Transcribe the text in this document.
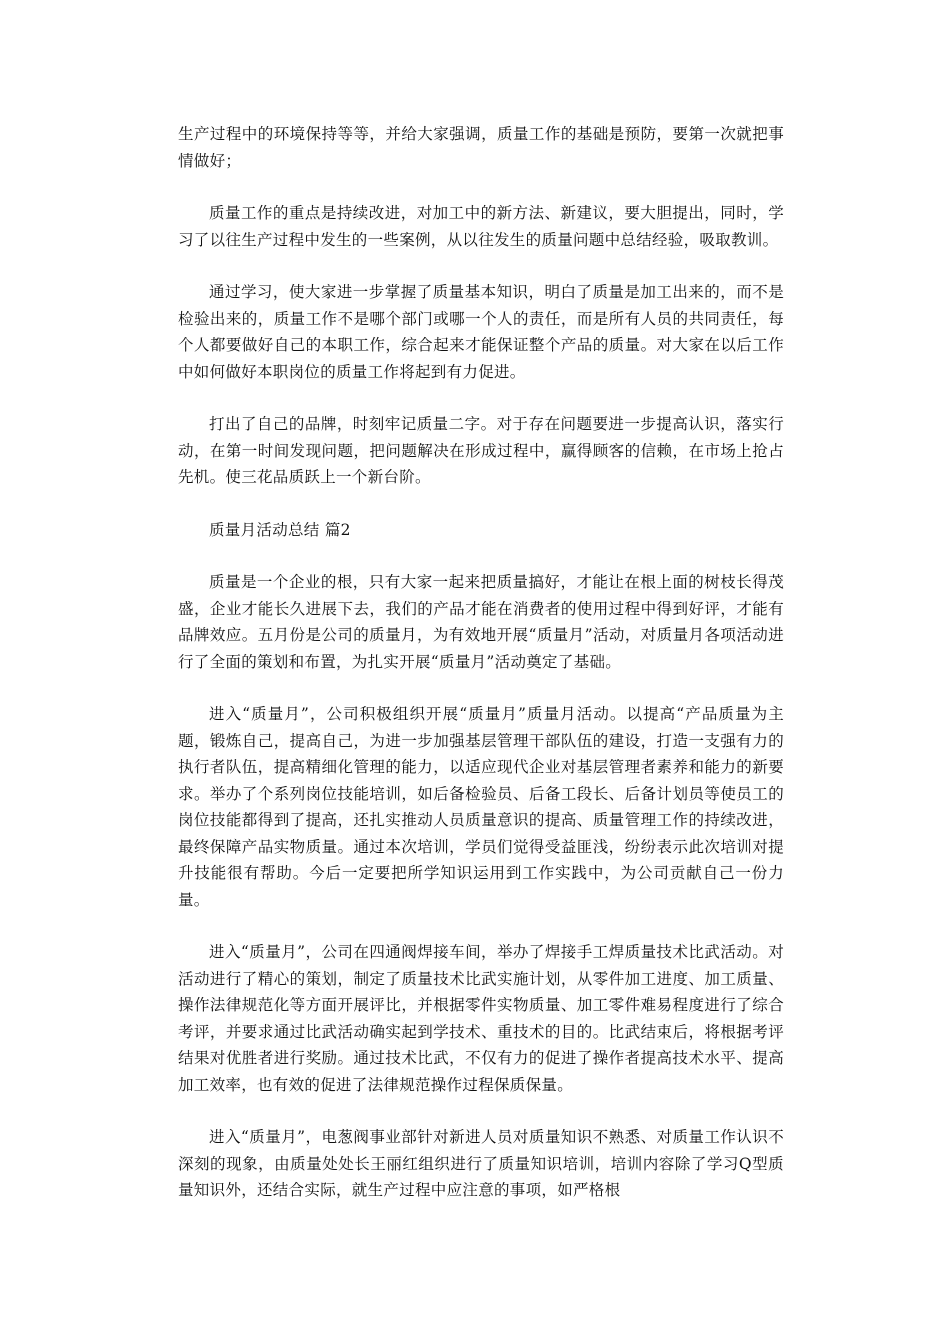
生产过程中的环境保持等等，并给大家强调，质量工作的基础是预防，要第一次就把事情做好；

质量工作的重点是持续改进，对加工中的新方法、新建议，要大胆提出，同时，学习了以往生产过程中发生的一些案例，从以往发生的质量问题中总结经验，吸取教训。

通过学习，使大家进一步掌握了质量基本知识，明白了质量是加工出来的，而不是检验出来的，质量工作不是哪个部门或哪一个人的责任，而是所有人员的共同责任，每个人都要做好自己的本职工作，综合起来才能保证整个产品的质量。对大家在以后工作中如何做好本职岗位的质量工作将起到有力促进。

打出了自己的品牌，时刻牢记质量二字。对于存在问题要进一步提高认识，落实行动，在第一时间发现问题，把问题解决在形成过程中，赢得顾客的信赖，在市场上抢占先机。使三花品质跃上一个新台阶。

质量月活动总结 篇2

质量是一个企业的根，只有大家一起来把质量搞好，才能让在根上面的树枝长得茂盛，企业才能长久进展下去，我们的产品才能在消费者的使用过程中得到好评，才能有品牌效应。五月份是公司的质量月，为有效地开展“质量月”活动，对质量月各项活动进行了全面的策划和布置，为扎实开展“质量月”活动奠定了基础。

进入“质量月”，公司积极组织开展“质量月”质量月活动。以提高“产品质量为主题，锻炼自己，提高自己，为进一步加强基层管理干部队伍的建设，打造一支强有力的执行者队伍，提高精细化管理的能力，以适应现代企业对基层管理者素养和能力的新要求。举办了个系列岗位技能培训，如后备检验员、后备工段长、后备计划员等使员工的岗位技能都得到了提高，还扎实推动人员质量意识的提高、质量管理工作的持续改进，最终保障产品实物质量。通过本次培训，学员们觉得受益匪浅，纷纷表示此次培训对提升技能很有帮助。今后一定要把所学知识运用到工作实践中，为公司贡献自己一份力量。

进入“质量月”，公司在四通阀焊接车间，举办了焊接手工焊质量技术比武活动。对活动进行了精心的策划，制定了质量技术比武实施计划，从零件加工进度、加工质量、操作法律规范化等方面开展评比，并根据零件实物质量、加工零件难易程度进行了综合考评，并要求通过比武活动确实起到学技术、重技术的目的。比武结束后，将根据考评结果对优胜者进行奖励。通过技术比武，不仅有力的促进了操作者提高技术水平、提高加工效率，也有效的促进了法律规范操作过程保质保量。

进入“质量月”，电葱阀事业部针对新进人员对质量知识不熟悉、对质量工作认识不深刻的现象，由质量处处长王丽红组织进行了质量知识培训，培训内容除了学习Q型质量知识外，还结合实际，就生产过程中应注意的事项，如严格根
